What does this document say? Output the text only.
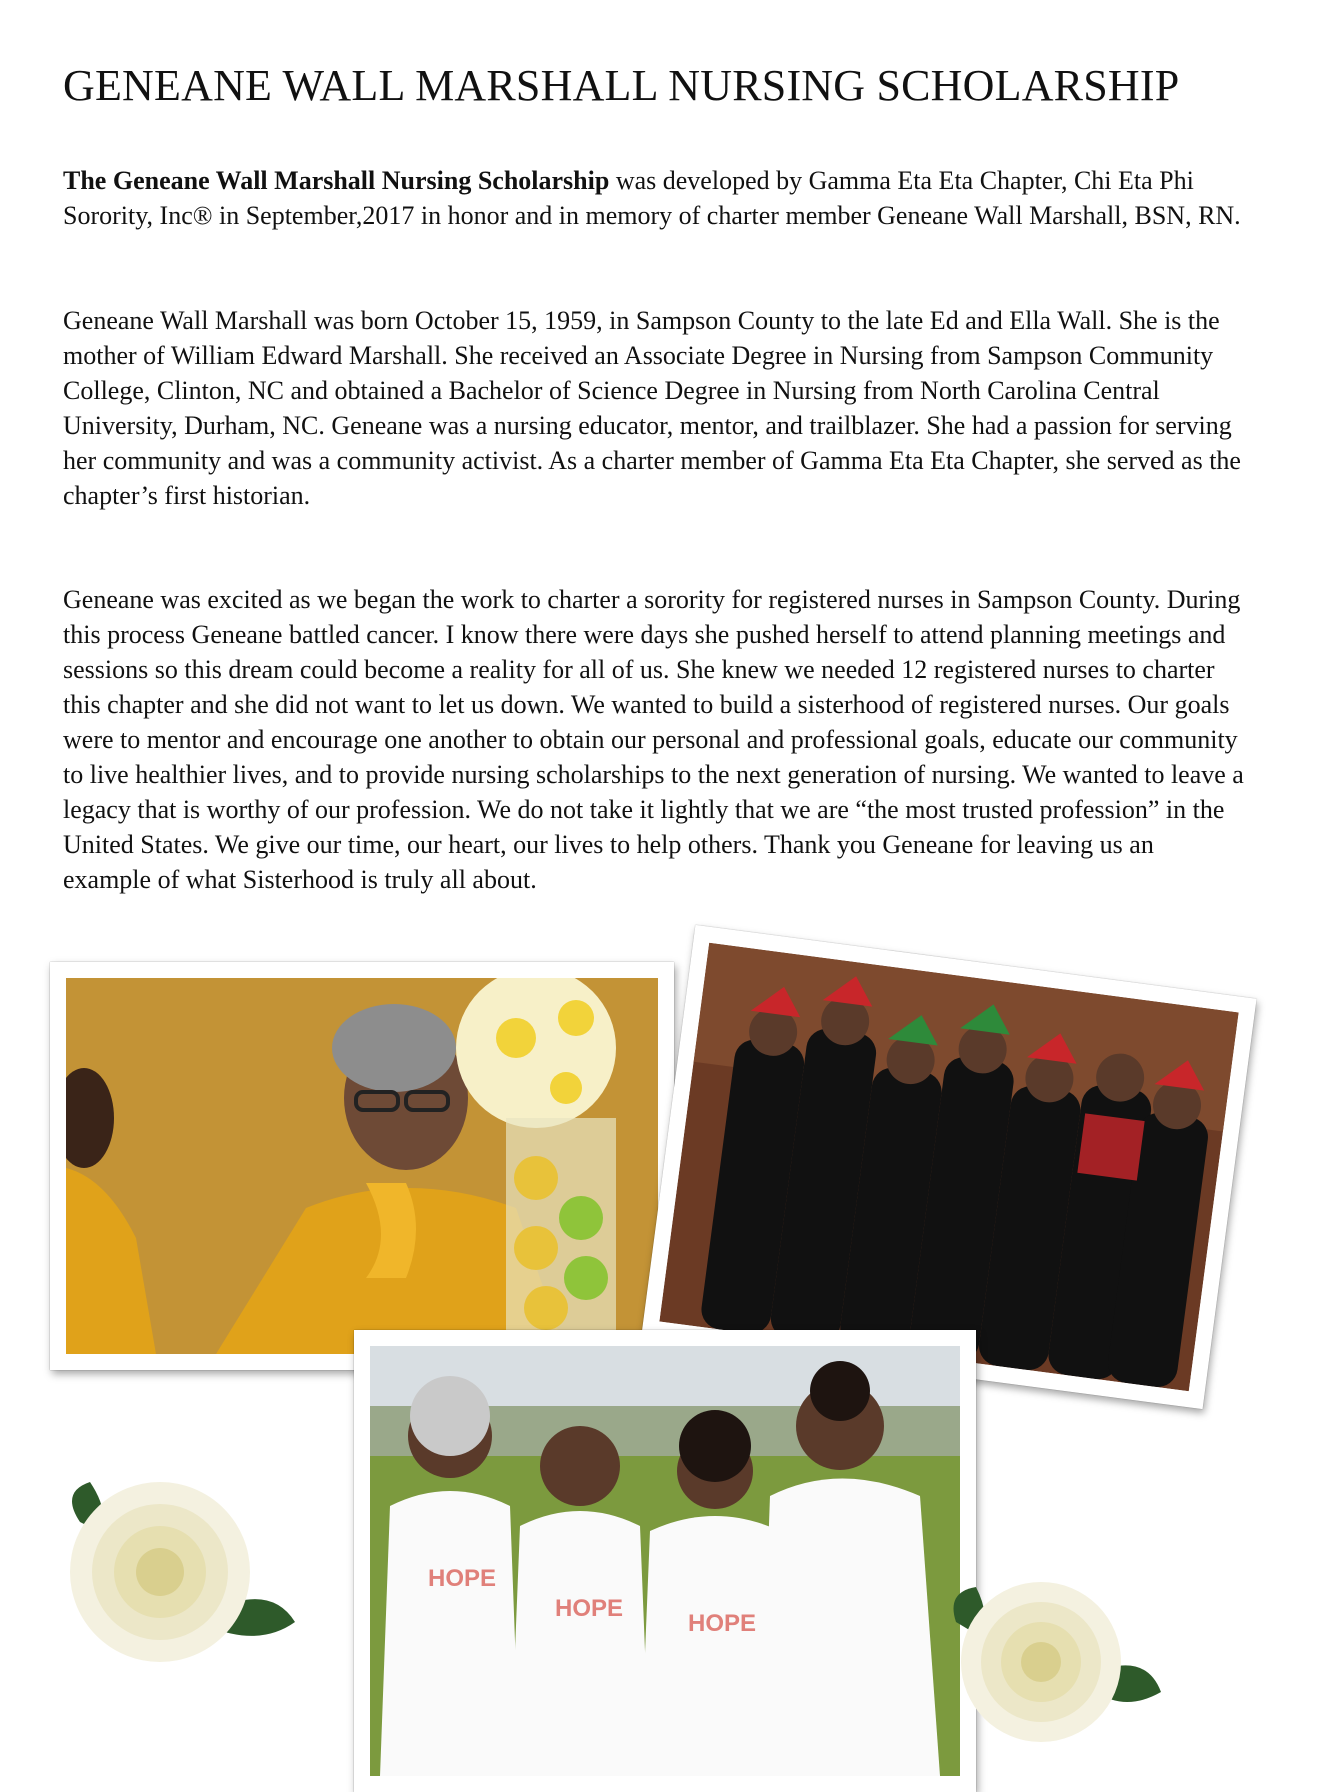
GENEANE WALL MARSHALL NURSING SCHOLARSHIP

The Geneane Wall Marshall Nursing Scholarship was developed by Gamma Eta Eta Chapter, Chi Eta Phi Sorority, Inc® in September,2017 in honor and in memory of charter member Geneane Wall Marshall, BSN, RN.

Geneane Wall Marshall was born October 15, 1959, in Sampson County to the late Ed and Ella Wall. She is the mother of William Edward Marshall. She received an Associate Degree in Nursing from Sampson Community College, Clinton, NC and obtained a Bachelor of Science Degree in Nursing from North Carolina Central University, Durham, NC. Geneane was a nursing educator, mentor, and trailblazer. She had a passion for serving her community and was a community activist. As a charter member of Gamma Eta Eta Chapter, she served as the chapter’s first historian.

Geneane was excited as we began the work to charter a sorority for registered nurses in Sampson County. During this process Geneane battled cancer. I know there were days she pushed herself to attend planning meetings and sessions so this dream could become a reality for all of us. She knew we needed 12 registered nurses to charter this chapter and she did not want to let us down. We wanted to build a sisterhood of registered nurses. Our goals were to mentor and encourage one another to obtain our personal and professional goals, educate our community to live healthier lives, and to provide nursing scholarships to the next generation of nursing. We wanted to leave a legacy that is worthy of our profession. We do not take it lightly that we are “the most trusted profession” in the United States. We give our time, our heart, our lives to help others. Thank you Geneane for leaving us an example of what Sisterhood is truly all about.

HOPE
HOPE
HOPE
